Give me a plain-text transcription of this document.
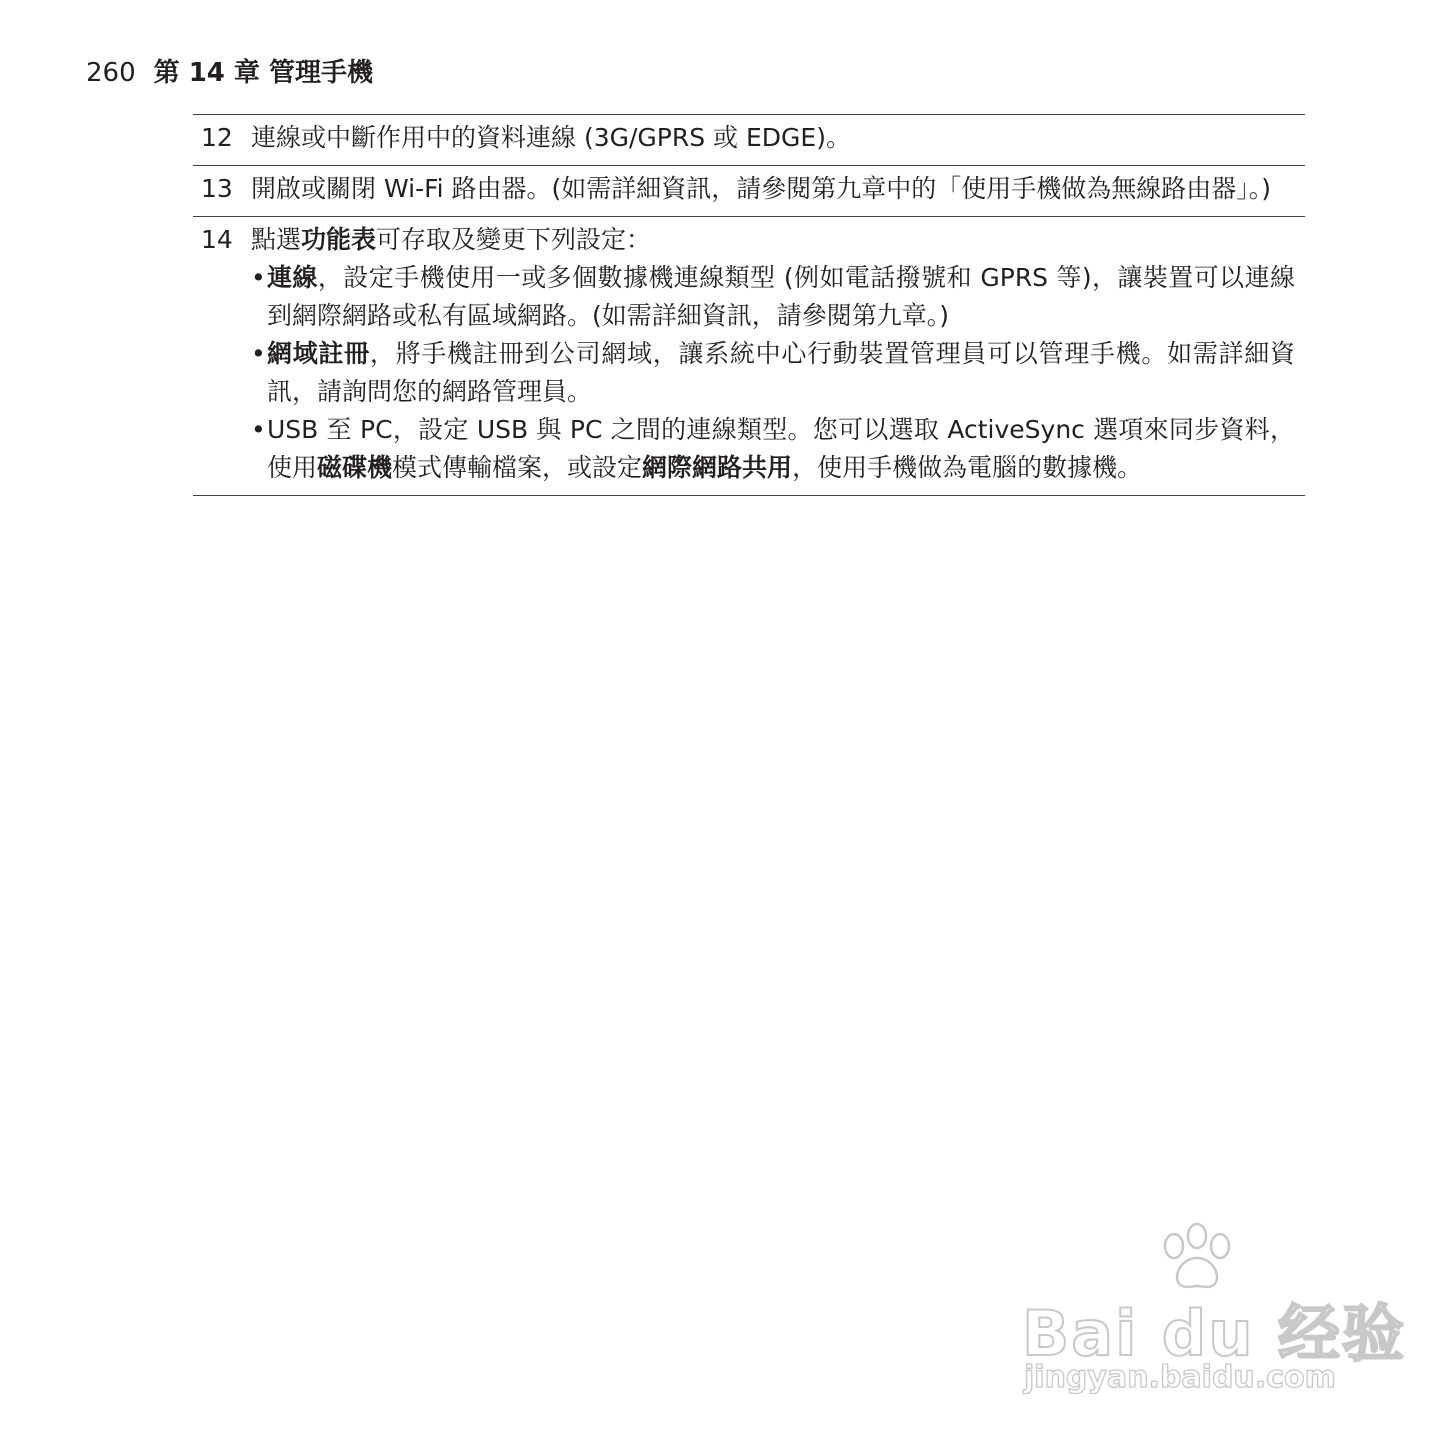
260 第 14 章 管理手機
12 連線或中斷作用中的資料連線 (3G/GPRS 或 EDGE)。
13 開啟或關閉 Wi-Fi 路由器。(如需詳細資訊，請參閱第九章中的「使用手機做為無線路由器」。)
14 點選功能表可存取及變更下列設定：
• 連線，設定手機使用一或多個數據機連線類型 (例如電話撥號和 GPRS 等)，讓裝置可以連線到網際網路或私有區域網路。(如需詳細資訊，請參閱第九章。)
• 網域註冊，將手機註冊到公司網域，讓系統中心行動裝置管理員可以管理手機。如需詳細資訊，請詢問您的網路管理員。
• USB 至 PC，設定 USB 與 PC 之間的連線類型。您可以選取 ActiveSync 選項來同步資料，使用磁碟機模式傳輸檔案，或設定網際網路共用，使用手機做為電腦的數據機。
Bai du 经验
jingyan.baidu.com
